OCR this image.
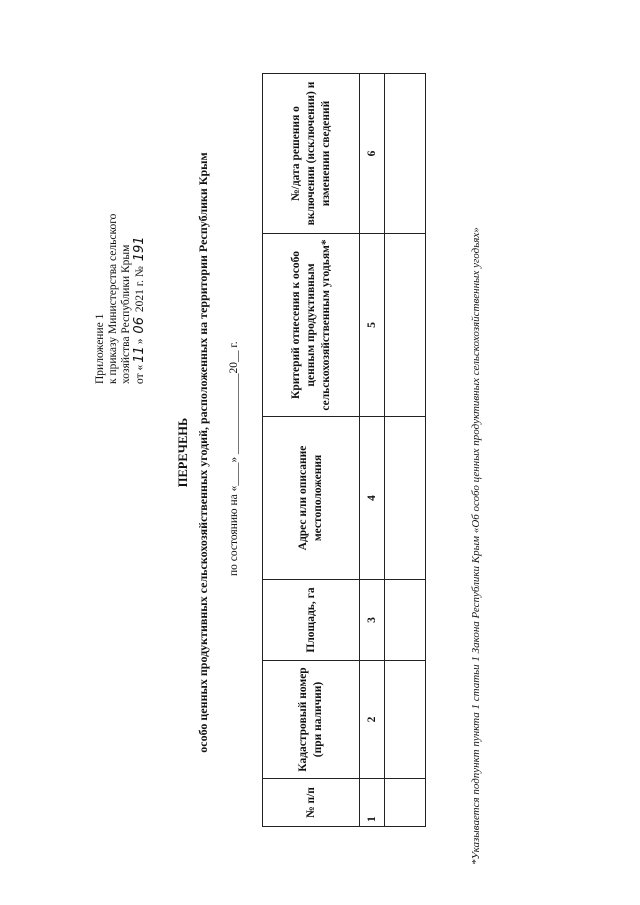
Приложение 1 к приказу Министерства сельского хозяйства Республики Крым от «11» 06 2021 г. № 191
ПЕРЕЧЕНЬ особо ценных продуктивных сельскохозяйственных угодий, расположенных на территории Республики Крым по состоянию на «____» ______________20__ г.
№ п/п	Кадастровый номер (при наличии)	Площадь, га	Адрес или описание местоположения	Критерий отнесения к особо ценным продуктивным сельскохозяйственным угодьям*	№/дата решения о включении (исключении) и изменении сведений
1	2	3	4	5	6

*Указывается подпункт пункта 1 статьи 1 Закона Республики Крым «Об особо ценных продуктивных сельскохозяйственных угодьях»
